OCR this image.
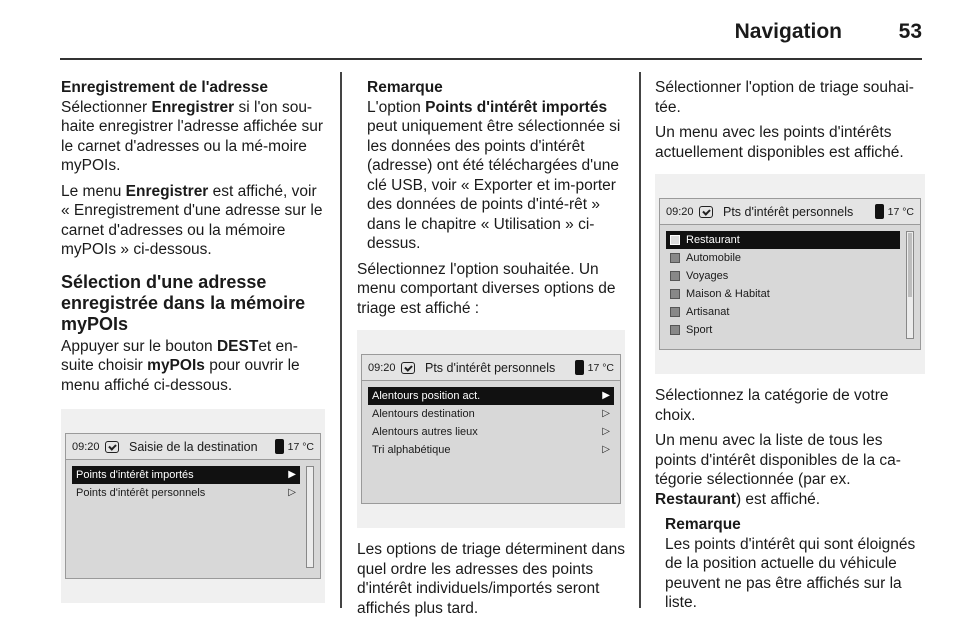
Navigation	53

Enregistrement de l'adresse

Sélectionner Enregistrer si l'on sou-haite enregistrer l'adresse affichée sur le carnet d'adresses ou la mé-moire myPOIs.

Le menu Enregistrer est affiché, voir « Enregistrement d'une adresse sur le carnet d'adresses ou la mémoire myPOIs » ci-dessous.

Sélection d'une adresse enregistrée dans la mémoire myPOIs

Appuyer sur le bouton DESTet en-suite choisir myPOIs pour ouvrir le menu affiché ci-dessous.

09:20	Saisie de la destination	17 °C
Points d'intérêt importés	▶
Points d'intérêt personnels	▷

Remarque

L'option Points d'intérêt importés peut uniquement être sélectionnée si les données des points d'intérêt (adresse) ont été téléchargées d'une clé USB, voir « Exporter et im-porter des données de points d'inté-rêt » dans le chapitre « Utilisation » ci-dessus.

Sélectionnez l'option souhaitée. Un menu comportant diverses options de triage est affiché :

09:20	Pts d'intérêt personnels	17 °C
Alentours position act.	▶
Alentours destination	▷
Alentours autres lieux	▷
Tri alphabétique	▷

Les options de triage déterminent dans quel ordre les adresses des points d'intérêt individuels/importés seront affichés plus tard.

Sélectionner l'option de triage souhai-tée.

Un menu avec les points d'intérêts actuellement disponibles est affiché.

09:20	Pts d'intérêt personnels	17 °C
Restaurant
Automobile
Voyages
Maison & Habitat
Artisanat
Sport

Sélectionnez la catégorie de votre choix.

Un menu avec la liste de tous les points d'intérêt disponibles de la ca-tégorie sélectionnée (par ex. Restaurant) est affiché.

Remarque

Les points d'intérêt qui sont éloignés de la position actuelle du véhicule peuvent ne pas être affichés sur la liste.
